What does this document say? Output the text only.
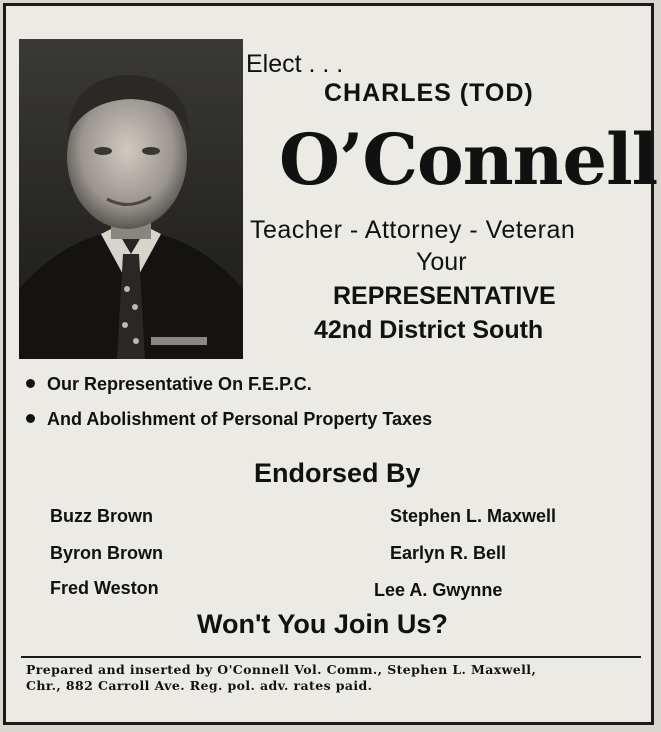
Elect . . .
CHARLES (TOD)
O’Connell
Teacher - Attorney - Veteran
Your
REPRESENTATIVE
42nd District South
Our Representative On F.E.P.C.
And Abolishment of Personal Property Taxes
Endorsed By
Buzz Brown
Byron Brown
Fred Weston
Stephen L. Maxwell
Earlyn R. Bell
Lee A. Gwynne
Won't You Join Us?
Prepared and inserted by O'Connell Vol. Comm., Stephen L. Maxwell,
Chr., 882 Carroll Ave. Reg. pol. adv. rates paid.
